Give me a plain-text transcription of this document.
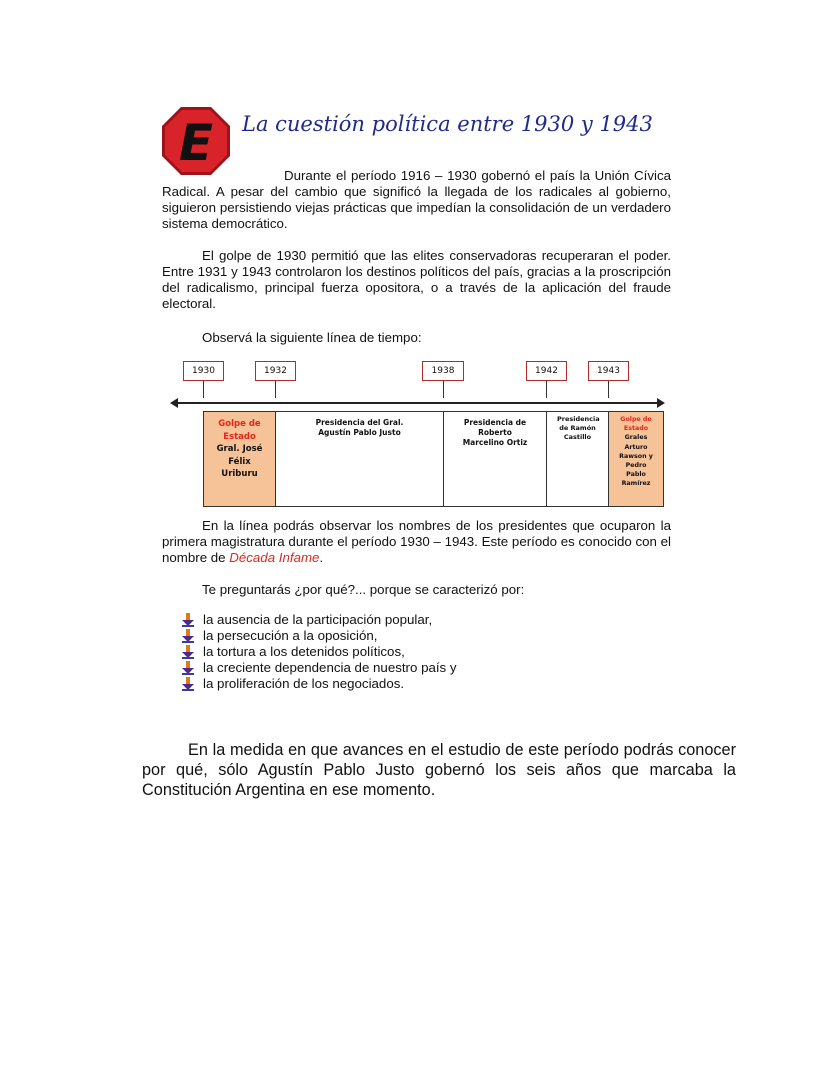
E La cuestión política entre 1930 y 1943
Durante el período 1916 – 1930 gobernó el país la Unión Cívica Radical. A pesar del cambio que significó la llegada de los radicales al gobierno, siguieron persistiendo viejas prácticas que impedían la consolidación de un verdadero sistema democrático.
El golpe de 1930 permitió que las elites conservadoras recuperaran el poder. Entre 1931 y 1943 controlaron los destinos políticos del país, gracias a la proscripción del radicalismo, principal fuerza opositora, o a través de la aplicación del fraude electoral.
Observá la siguiente línea de tiempo:
1930	1932	1938	1942	1943
Golpe de Estado
Gral. José Félix Uriburu
Presidencia del Gral. Agustín Pablo Justo
Presidencia de Roberto Marcelino Ortiz
Presidencia de Ramón Castillo
Golpe de Estado
Grales Arturo Rawson y Pedro Pablo Ramírez
En la línea podrás observar los nombres de los presidentes que ocuparon la primera magistratura durante el período 1930 – 1943. Este período es conocido con el nombre de Década Infame.
Te preguntarás ¿por qué?... porque se caracterizó por:
la ausencia de la participación popular,
la persecución a la oposición,
la tortura a los detenidos políticos,
la creciente dependencia de nuestro país y
la proliferación de los negociados.
En la medida en que avances en el estudio de este período podrás conocer por qué, sólo Agustín Pablo Justo gobernó los seis años que marcaba la Constitución Argentina en ese momento.
